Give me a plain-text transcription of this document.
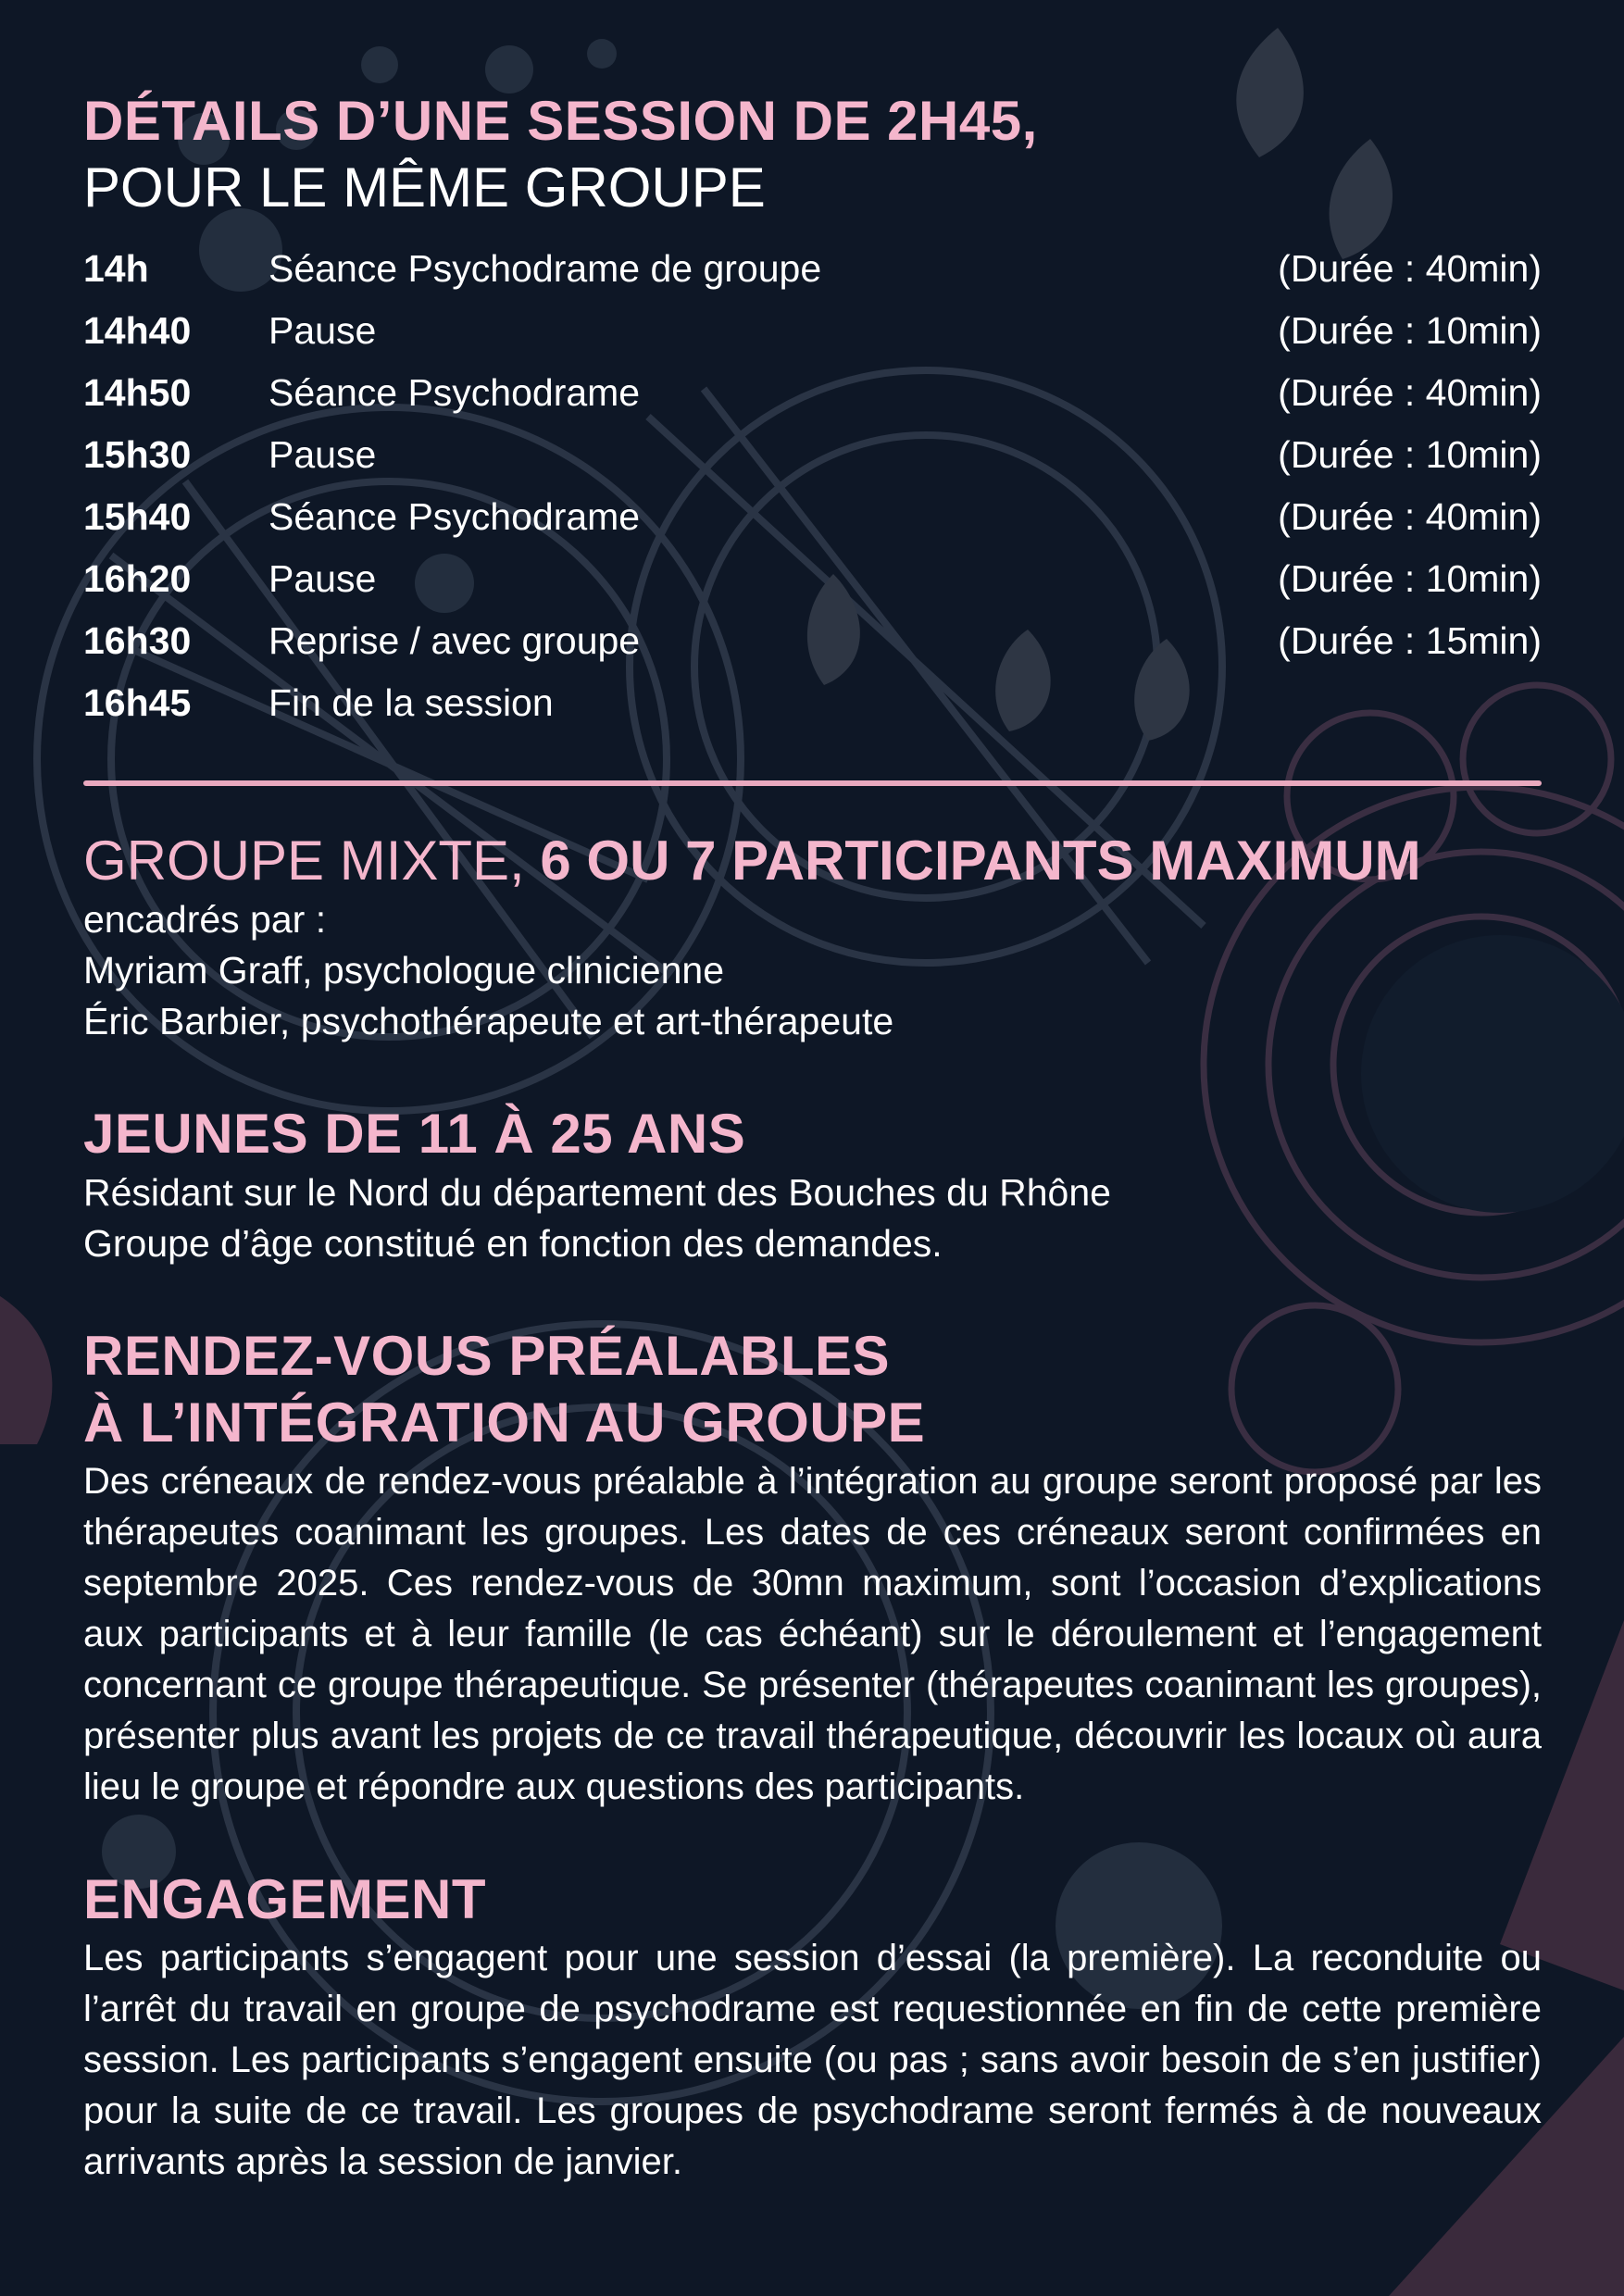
DÉTAILS D’UNE SESSION DE 2H45,
POUR LE MÊME GROUPE
14h	Séance Psychodrame de groupe	(Durée : 40min)
14h40	Pause	(Durée : 10min)
14h50	Séance Psychodrame	(Durée : 40min)
15h30	Pause	(Durée : 10min)
15h40	Séance Psychodrame	(Durée : 40min)
16h20	Pause	(Durée : 10min)
16h30	Reprise / avec groupe	(Durée : 15min)
16h45	Fin de la session
GROUPE MIXTE, 6 OU 7 PARTICIPANTS MAXIMUM

encadrés par :

Myriam Graff, psychologue clinicienne

Éric Barbier, psychothérapeute et art-thérapeute

JEUNES DE 11 À 25 ANS

Résidant sur le Nord du département des Bouches du Rhône

Groupe d’âge constitué en fonction des demandes.

RENDEZ-VOUS PRÉALABLES
À L’INTÉGRATION AU GROUPE

Des créneaux de rendez-vous préalable à l’intégration au groupe seront proposé par les thérapeutes coanimant les groupes. Les dates de ces créneaux seront confirmées en septembre 2025. Ces rendez-vous de 30mn maximum, sont l’occasion d’explications aux participants et à leur famille (le cas échéant) sur le déroulement et l’engagement concernant ce groupe thérapeutique. Se présenter (thérapeutes coanimant les groupes), présenter plus avant les projets de ce travail thérapeutique, découvrir les locaux où aura lieu le groupe et répondre aux questions des participants.

ENGAGEMENT

Les participants s’engagent pour une session d’essai (la première). La reconduite ou l’arrêt du travail en groupe de psychodrame est requestionnée en fin de cette première session. Les participants s’engagent ensuite (ou pas ; sans avoir besoin de s’en justifier) pour la suite de ce travail. Les groupes de psychodrame seront fermés à de nouveaux arrivants après la session de janvier.
